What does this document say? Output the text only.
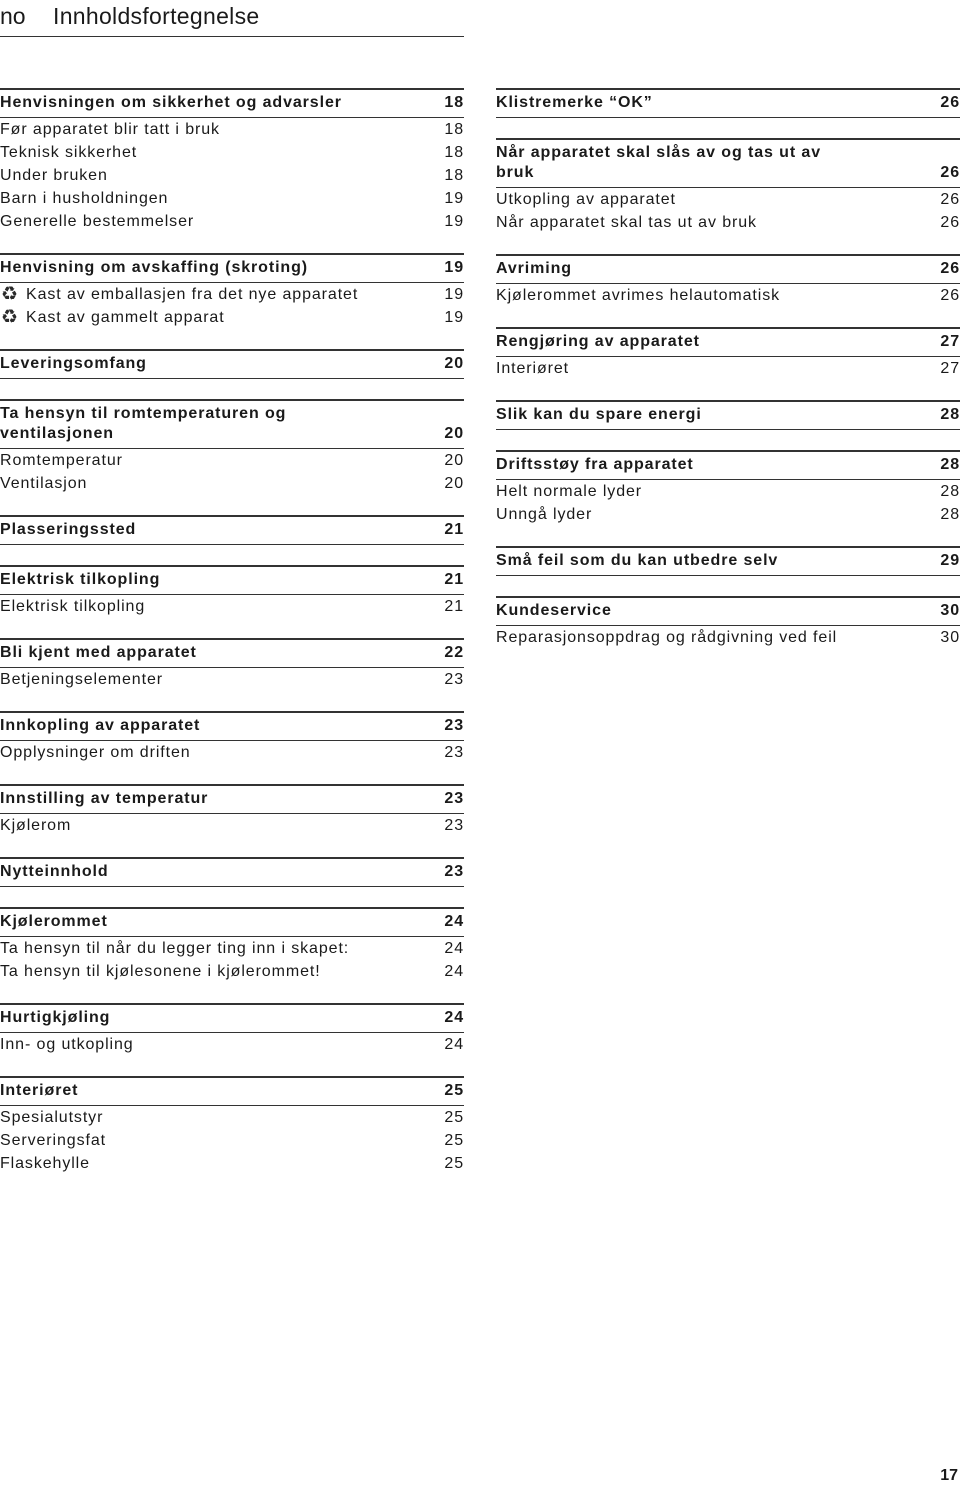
no Innholdsfortegnelse
Henvisningen om sikkerhet og advarsler	18
Før apparatet blir tatt i bruk	18
Teknisk sikkerhet	18
Under bruken	18
Barn i husholdningen	19
Generelle bestemmelser	19
Henvisning om avskaffing (skroting)	19
♻ Kast av emballasjen fra det nye apparatet	19
♻ Kast av gammelt apparat	19
Leveringsomfang	20
Ta hensyn til romtemperaturen og ventilasjonen	20
Romtemperatur	20
Ventilasjon	20
Plasseringssted	21
Elektrisk tilkopling	21
Elektrisk tilkopling	21
Bli kjent med apparatet	22
Betjeningselementer	23
Innkopling av apparatet	23
Opplysninger om driften	23
Innstilling av temperatur	23
Kjølerom	23
Nytteinnhold	23
Kjølerommet	24
Ta hensyn til når du legger ting inn i skapet:	24
Ta hensyn til kjølesonene i kjølerommet!	24
Hurtigkjøling	24
Inn- og utkopling	24
Interiøret	25
Spesialutstyr	25
Serveringsfat	25
Flaskehylle	25
Klistremerke “OK”	26
Når apparatet skal slås av og tas ut av bruk	26
Utkopling av apparatet	26
Når apparatet skal tas ut av bruk	26
Avriming	26
Kjølerommet avrimes helautomatisk	26
Rengjøring av apparatet	27
Interiøret	27
Slik kan du spare energi	28
Driftsstøy fra apparatet	28
Helt normale lyder	28
Unngå lyder	28
Små feil som du kan utbedre selv	29
Kundeservice	30
Reparasjonsoppdrag og rådgivning ved feil	30
17
